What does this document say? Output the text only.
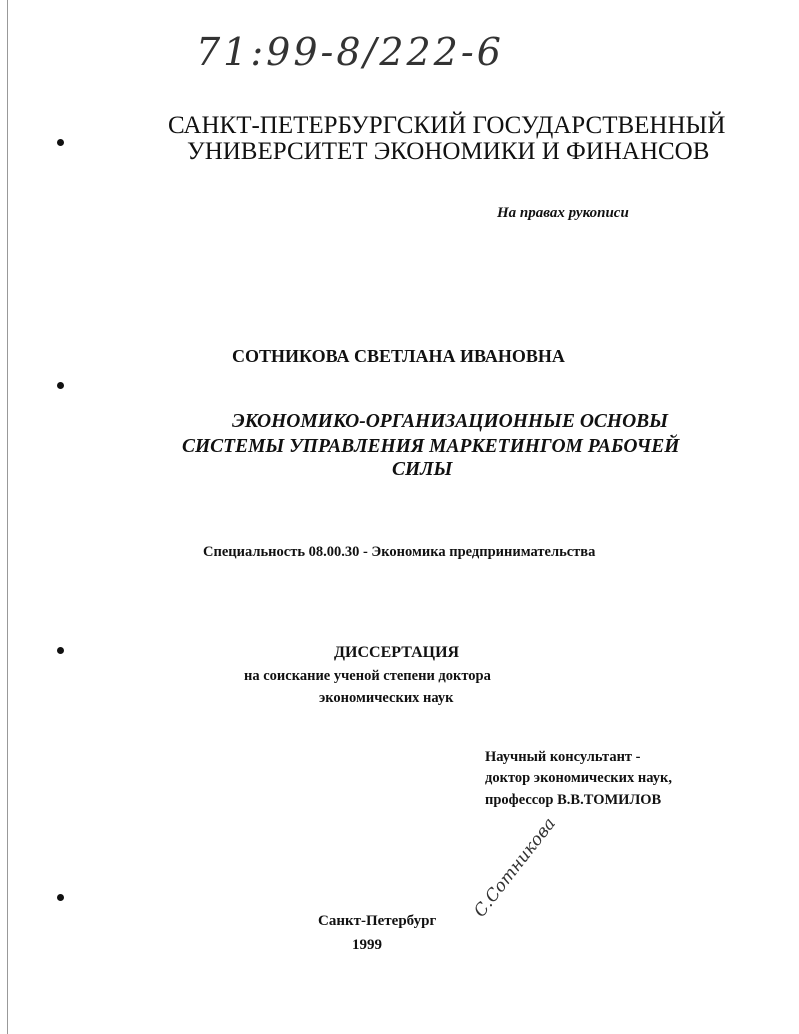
71:99-8/222-6
САНКТ-ПЕТЕРБУРГСКИЙ ГОСУДАРСТВЕННЫЙ
УНИВЕРСИТЕТ ЭКОНОМИКИ И ФИНАНСОВ
На правах рукописи
СОТНИКОВА СВЕТЛАНА ИВАНОВНА
ЭКОНОМИКО-ОРГАНИЗАЦИОННЫЕ ОСНОВЫ
СИСТЕМЫ УПРАВЛЕНИЯ МАРКЕТИНГОМ РАБОЧЕЙ
СИЛЫ
Специальность 08.00.30 - Экономика предпринимательства
ДИССЕРТАЦИЯ
на соискание ученой степени доктора
экономических наук
Научный консультант -
доктор экономических наук,
профессор В.В.ТОМИЛОВ
Санкт-Петербург
1999
С.Сотникова
